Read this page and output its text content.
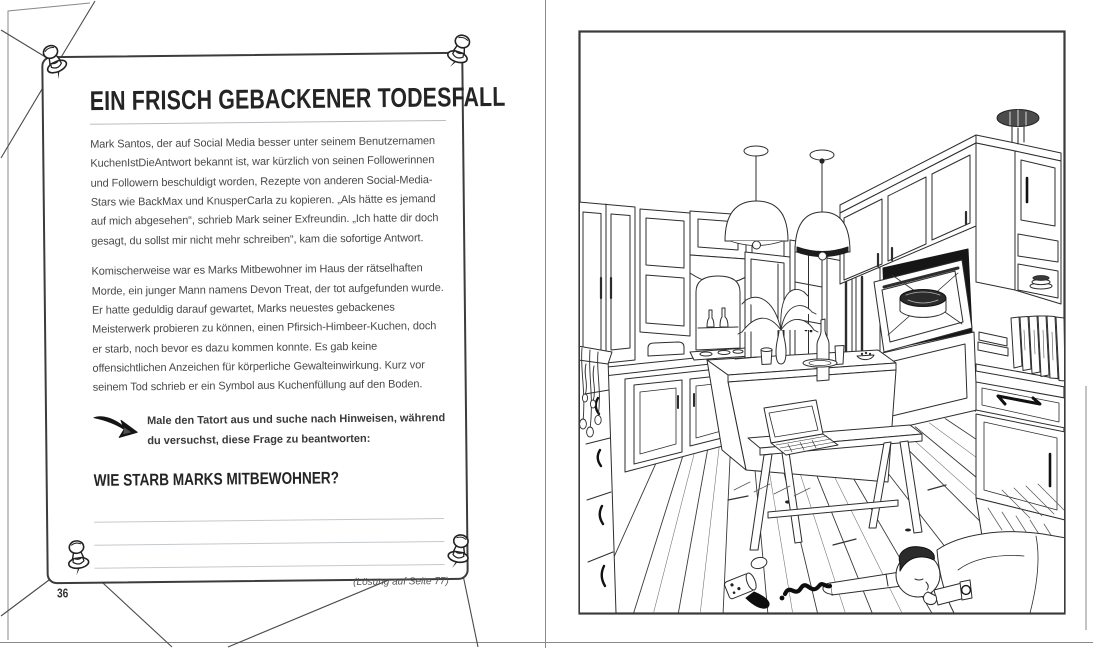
EIN FRISCH GEBACKENER TODESFALL

Mark Santos, der auf Social Media besser unter seinem Benutzernamen KuchenIstDieAntwort bekannt ist, war kürzlich von seinen Followerinnen und Followern beschuldigt worden, Rezepte von anderen Social-Media-Stars wie BackMax und KnusperCarla zu kopieren. „Als hätte es jemand auf mich abgesehen“, schrieb Mark seiner Exfreundin. „Ich hatte dir doch gesagt, du sollst mir nicht mehr schreiben“, kam die sofortige Antwort.

Komischerweise war es Marks Mitbewohner im Haus der rätselhaften Morde, ein junger Mann namens Devon Treat, der tot aufgefunden wurde. Er hatte geduldig darauf gewartet, Marks neuestes gebackenes Meisterwerk probieren zu können, einen Pfirsich-Himbeer-Kuchen, doch er starb, noch bevor es dazu kommen konnte. Es gab keine offensichtlichen Anzeichen für körperliche Gewalteinwirkung. Kurz vor seinem Tod schrieb er ein Symbol aus Kuchenfüllung auf den Boden.

Male den Tatort aus und suche nach Hinweisen, während du versuchst, diese Frage zu beantworten:
WIE STARB MARKS MITBEWOHNER?
(Lösung auf Seite 77)
36
